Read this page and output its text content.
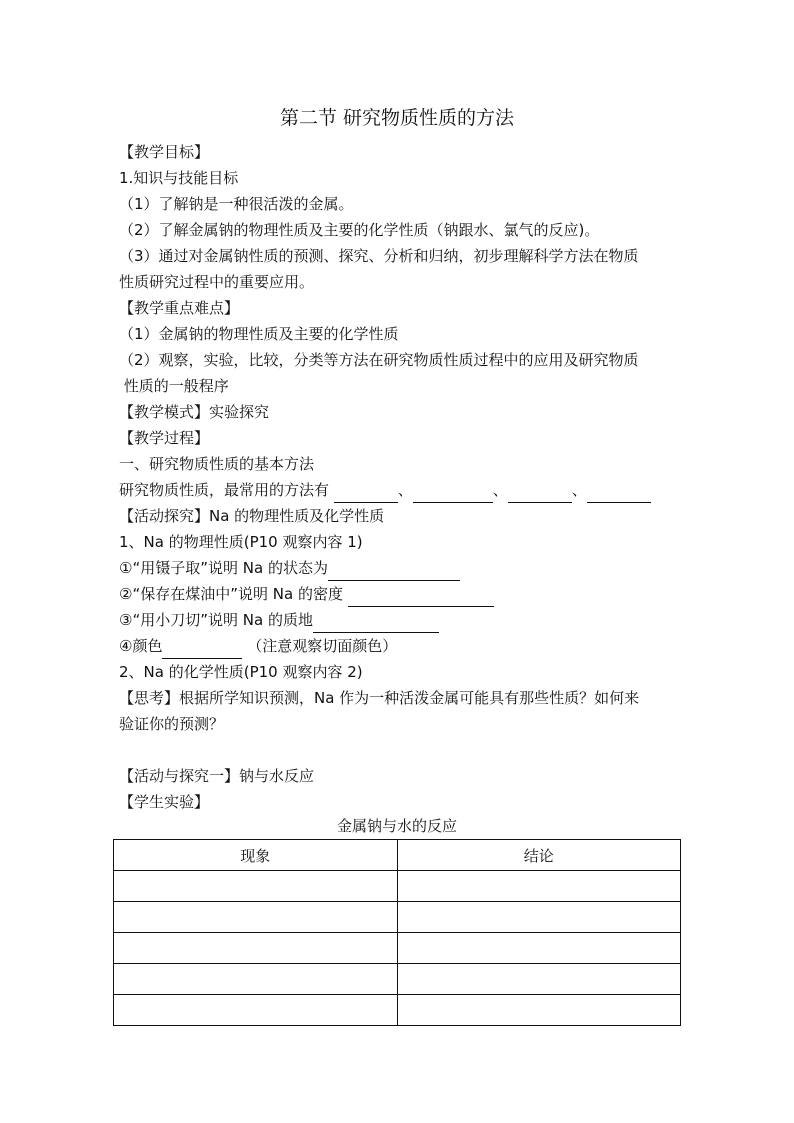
第二节 研究物质性质的方法
【教学目标】
1.知识与技能目标
（1）了解钠是一种很活泼的金属。
（2）了解金属钠的物理性质及主要的化学性质（钠跟水、氯气的反应)。
（3）通过对金属钠性质的预测、探究、分析和归纳，初步理解科学方法在物质
性质研究过程中的重要应用。
【教学重点难点】
（1）金属钠的物理性质及主要的化学性质
（2）观察，实验，比较，分类等方法在研究物质性质过程中的应用及研究物质
性质的一般程序
【教学模式】实验探究
【教学过程】
一、研究物质性质的基本方法
研究物质性质，最常用的方法有	、	、	、
【活动探究】Na 的物理性质及化学性质
1、Na 的物理性质(P10 观察内容 1)
①“用镊子取”说明 Na 的状态为
②“保存在煤油中”说明 Na 的密度
③“用小刀切”说明 Na 的质地
④颜色	（注意观察切面颜色）
2、Na 的化学性质(P10 观察内容 2)
【思考】根据所学知识预测，Na 作为一种活泼金属可能具有那些性质？如何来
验证你的预测？
【活动与探究一】钠与水反应
【学生实验】
金属钠与水的反应
现象	结论
